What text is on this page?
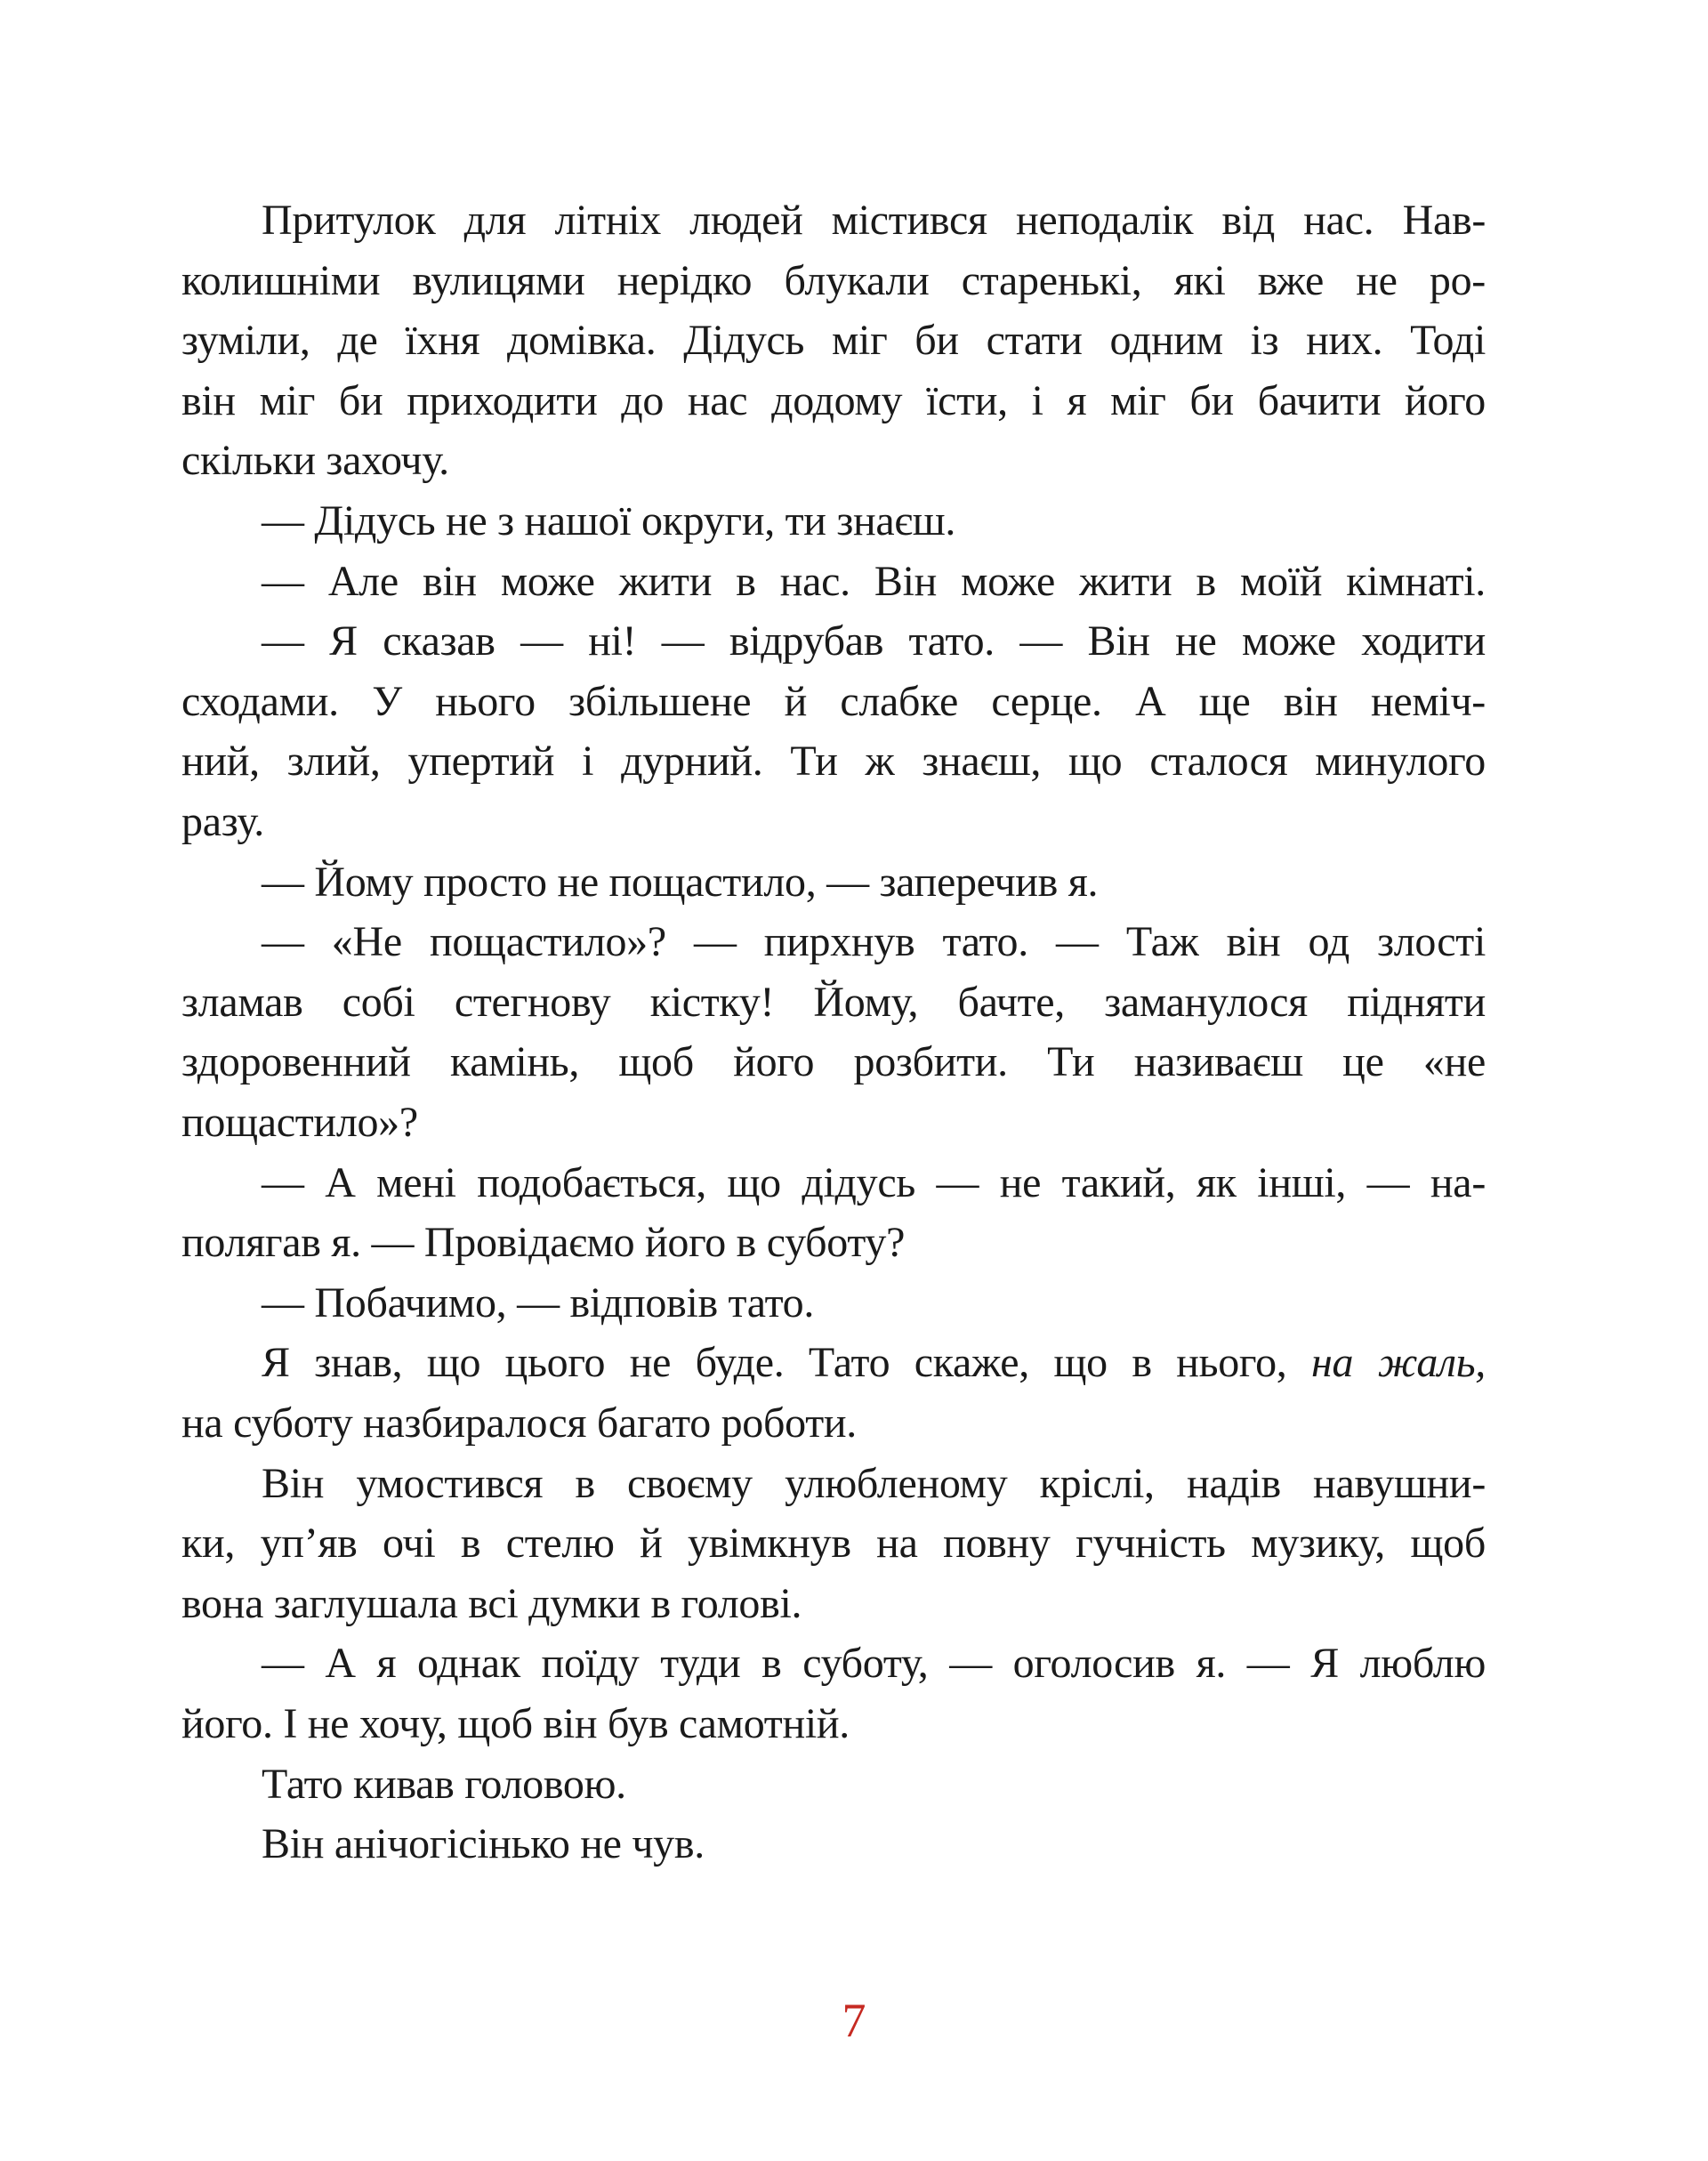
Притулок для літніх людей містився неподалік від нас. Нав-
колишніми вулицями нерідко блукали старенькі, які вже не ро-
зуміли, де їхня домівка. Дідусь міг би стати одним із них. Тоді
він міг би приходити до нас додому їсти, і я міг би бачити його
скільки захочу.
— Дідусь не з нашої округи, ти знаєш.
— Але він може жити в нас. Він може жити в моїй кімнаті.
— Я сказав — ні! — відрубав тато. — Він не може ходити
сходами. У нього збільшене й слабке серце. А ще він неміч-
ний, злий, упертий і дурний. Ти ж знаєш, що сталося минулого
разу.
— Йому просто не пощастило, — заперечив я.
— «Не пощастило»? — пирхнув тато. — Таж він од злості
зламав собі стегнову кістку! Йому, бачте, заманулося підняти
здоровенний камінь, щоб його розбити. Ти називаєш це «не
пощастило»?
— А мені подобається, що дідусь — не такий, як інші, — на-
полягав я. — Провідаємо його в суботу?
— Побачимо, — відповів тато.
Я знав, що цього не буде. Тато скаже, що в нього, на жаль,
на суботу назбиралося багато роботи.
Він умостився в своєму улюбленому кріслі, надів навушни-
ки, уп’яв очі в стелю й увімкнув на повну гучність музику, щоб
вона заглушала всі думки в голові.
— А я однак поїду туди в суботу, — оголосив я. — Я люблю
його. І не хочу, щоб він був самотній.
Тато кивав головою.
Він анічогісінько не чув.
7
